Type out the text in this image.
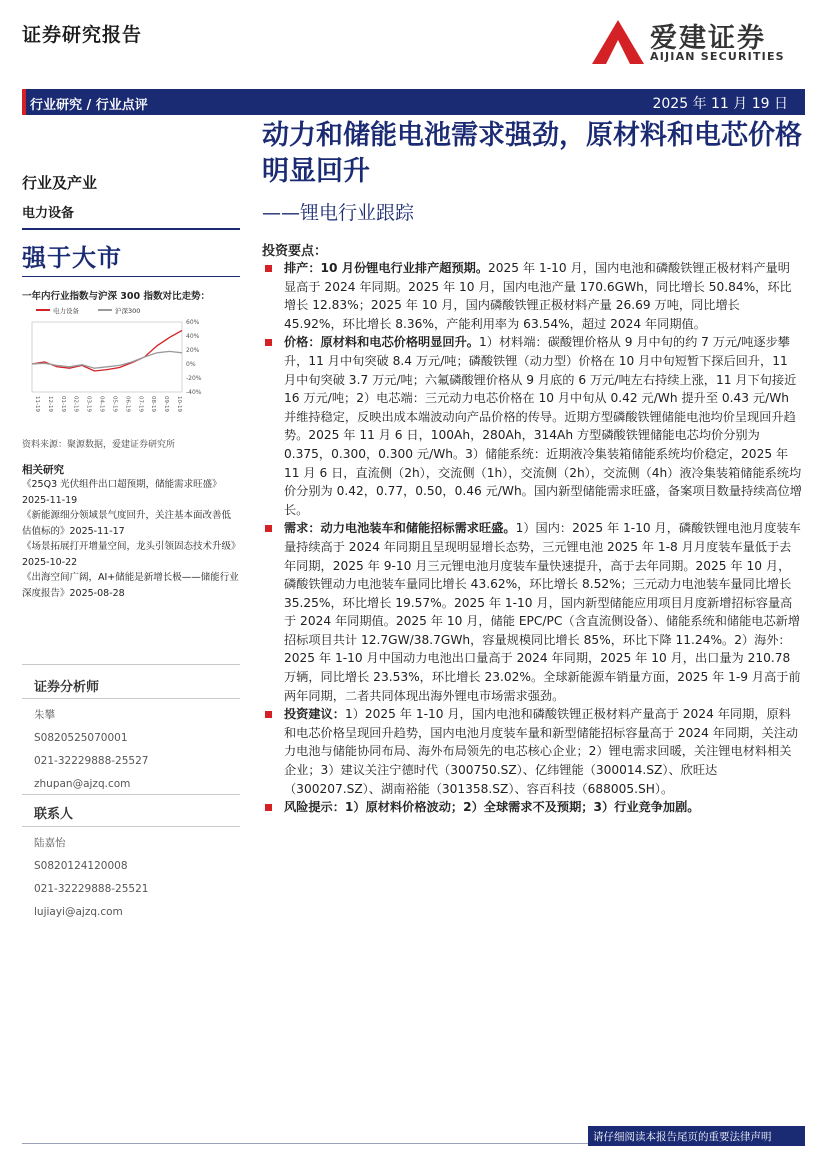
证券研究报告	爱建证券
AIJIAN SECURITIES
行业研究 / 行业点评	2025 年 11 月 19 日
动力和储能电池需求强劲，原材料和电芯价格明显回升
——锂电行业跟踪
行业及产业
电力设备
强于大市
一年内行业指数与沪深 300 指数对比走势：
电力设备	沪深300
60%
40%
20%
0%
-20%
-40%
11-19 12-19 01-19 02-19 03-19 04-19 05-19 06-19 07-19 08-19 09-19 10-19
资料来源：聚源数据，爱建证券研究所
相关研究

《25Q3 光伏组件出口超预期，储能需求旺盛》2025-11-19

《新能源细分领域景气度回升，关注基本面改善低估值标的》2025-11-17

《场景拓展打开增量空间，龙头引领固态技术升级》2025-10-22

《出海空间广阔，AI+储能是新增长极——储能行业深度报告》2025-08-28

证券分析师
朱攀
S0820525070001
021-32229888-25527
zhupan@ajzq.com
联系人
陆嘉怡
S0820124120008
021-32229888-25521
lujiayi@ajzq.com
投资要点：

排产：10 月份锂电行业排产超预期。2025 年 1-10 月，国内电池和磷酸铁锂正极材料产量明显高于 2024 年同期。2025 年 10 月，国内电池产量 170.6GWh，同比增长 50.84%，环比增长 12.83%；2025 年 10 月，国内磷酸铁锂正极材料产量 26.69 万吨，同比增长 45.92%，环比增长 8.36%，产能利用率为 63.54%，超过 2024 年同期值。

价格：原材料和电芯价格明显回升。1）材料端：碳酸锂价格从 9 月中旬的约 7 万元/吨逐步攀升，11 月中旬突破 8.4 万元/吨；磷酸铁锂（动力型）价格在 10 月中旬短暂下探后回升，11 月中旬突破 3.7 万元/吨；六氟磷酸锂价格从 9 月底的 6 万元/吨左右持续上涨，11 月下旬接近 16 万元/吨；2）电芯端：三元动力电芯价格在 10 月中旬从 0.42 元/Wh 提升至 0.43 元/Wh 并维持稳定，反映出成本端波动向产品价格的传导。近期方型磷酸铁锂储能电池均价呈现回升趋势。2025 年 11 月 6 日，100Ah，280Ah，314Ah 方型磷酸铁锂储能电芯均价分别为 0.375，0.300，0.300 元/Wh。3）储能系统：近期液冷集装箱储能系统均价稳定，2025 年 11 月 6 日，直流侧（2h），交流侧（1h），交流侧（2h），交流侧（4h）液冷集装箱储能系统均价分别为 0.42，0.77，0.50，0.46 元/Wh。国内新型储能需求旺盛，备案项目数量持续高位增长。

需求：动力电池装车和储能招标需求旺盛。1）国内：2025 年 1-10 月，磷酸铁锂电池月度装车量持续高于 2024 年同期且呈现明显增长态势，三元锂电池 2025 年 1-8 月月度装车量低于去年同期，2025 年 9-10 月三元锂电池月度装车量快速提升，高于去年同期。2025 年 10 月，磷酸铁锂动力电池装车量同比增长 43.62%，环比增长 8.52%；三元动力电池装车量同比增长 35.25%，环比增长 19.57%。2025 年 1-10 月，国内新型储能应用项目月度新增招标容量高于 2024 年同期值。2025 年 10 月，储能 EPC/PC（含直流侧设备）、储能系统和储能电芯新增招标项目共计 12.7GW/38.7GWh，容量规模同比增长 85%，环比下降 11.24%。2）海外：2025 年 1-10 月中国动力电池出口量高于 2024 年同期，2025 年 10 月，出口量为 210.78 万辆，同比增长 23.53%，环比增长 23.02%。全球新能源车销量方面，2025 年 1-9 月高于前两年同期，二者共同体现出海外锂电市场需求强劲。

投资建议：1）2025 年 1-10 月，国内电池和磷酸铁锂正极材料产量高于 2024 年同期，原料和电芯价格呈现回升趋势，国内电池月度装车量和新型储能招标容量高于 2024 年同期，关注动力电池与储能协同布局、海外布局领先的电芯核心企业；2）锂电需求回暖，关注锂电材料相关企业；3）建议关注宁德时代（300750.SZ）、亿纬锂能（300014.SZ）、欣旺达（300207.SZ）、湖南裕能（301358.SZ）、容百科技（688005.SH）。

风险提示：1）原材料价格波动；2）全球需求不及预期；3）行业竞争加剧。

请仔细阅读本报告尾页的重要法律声明
